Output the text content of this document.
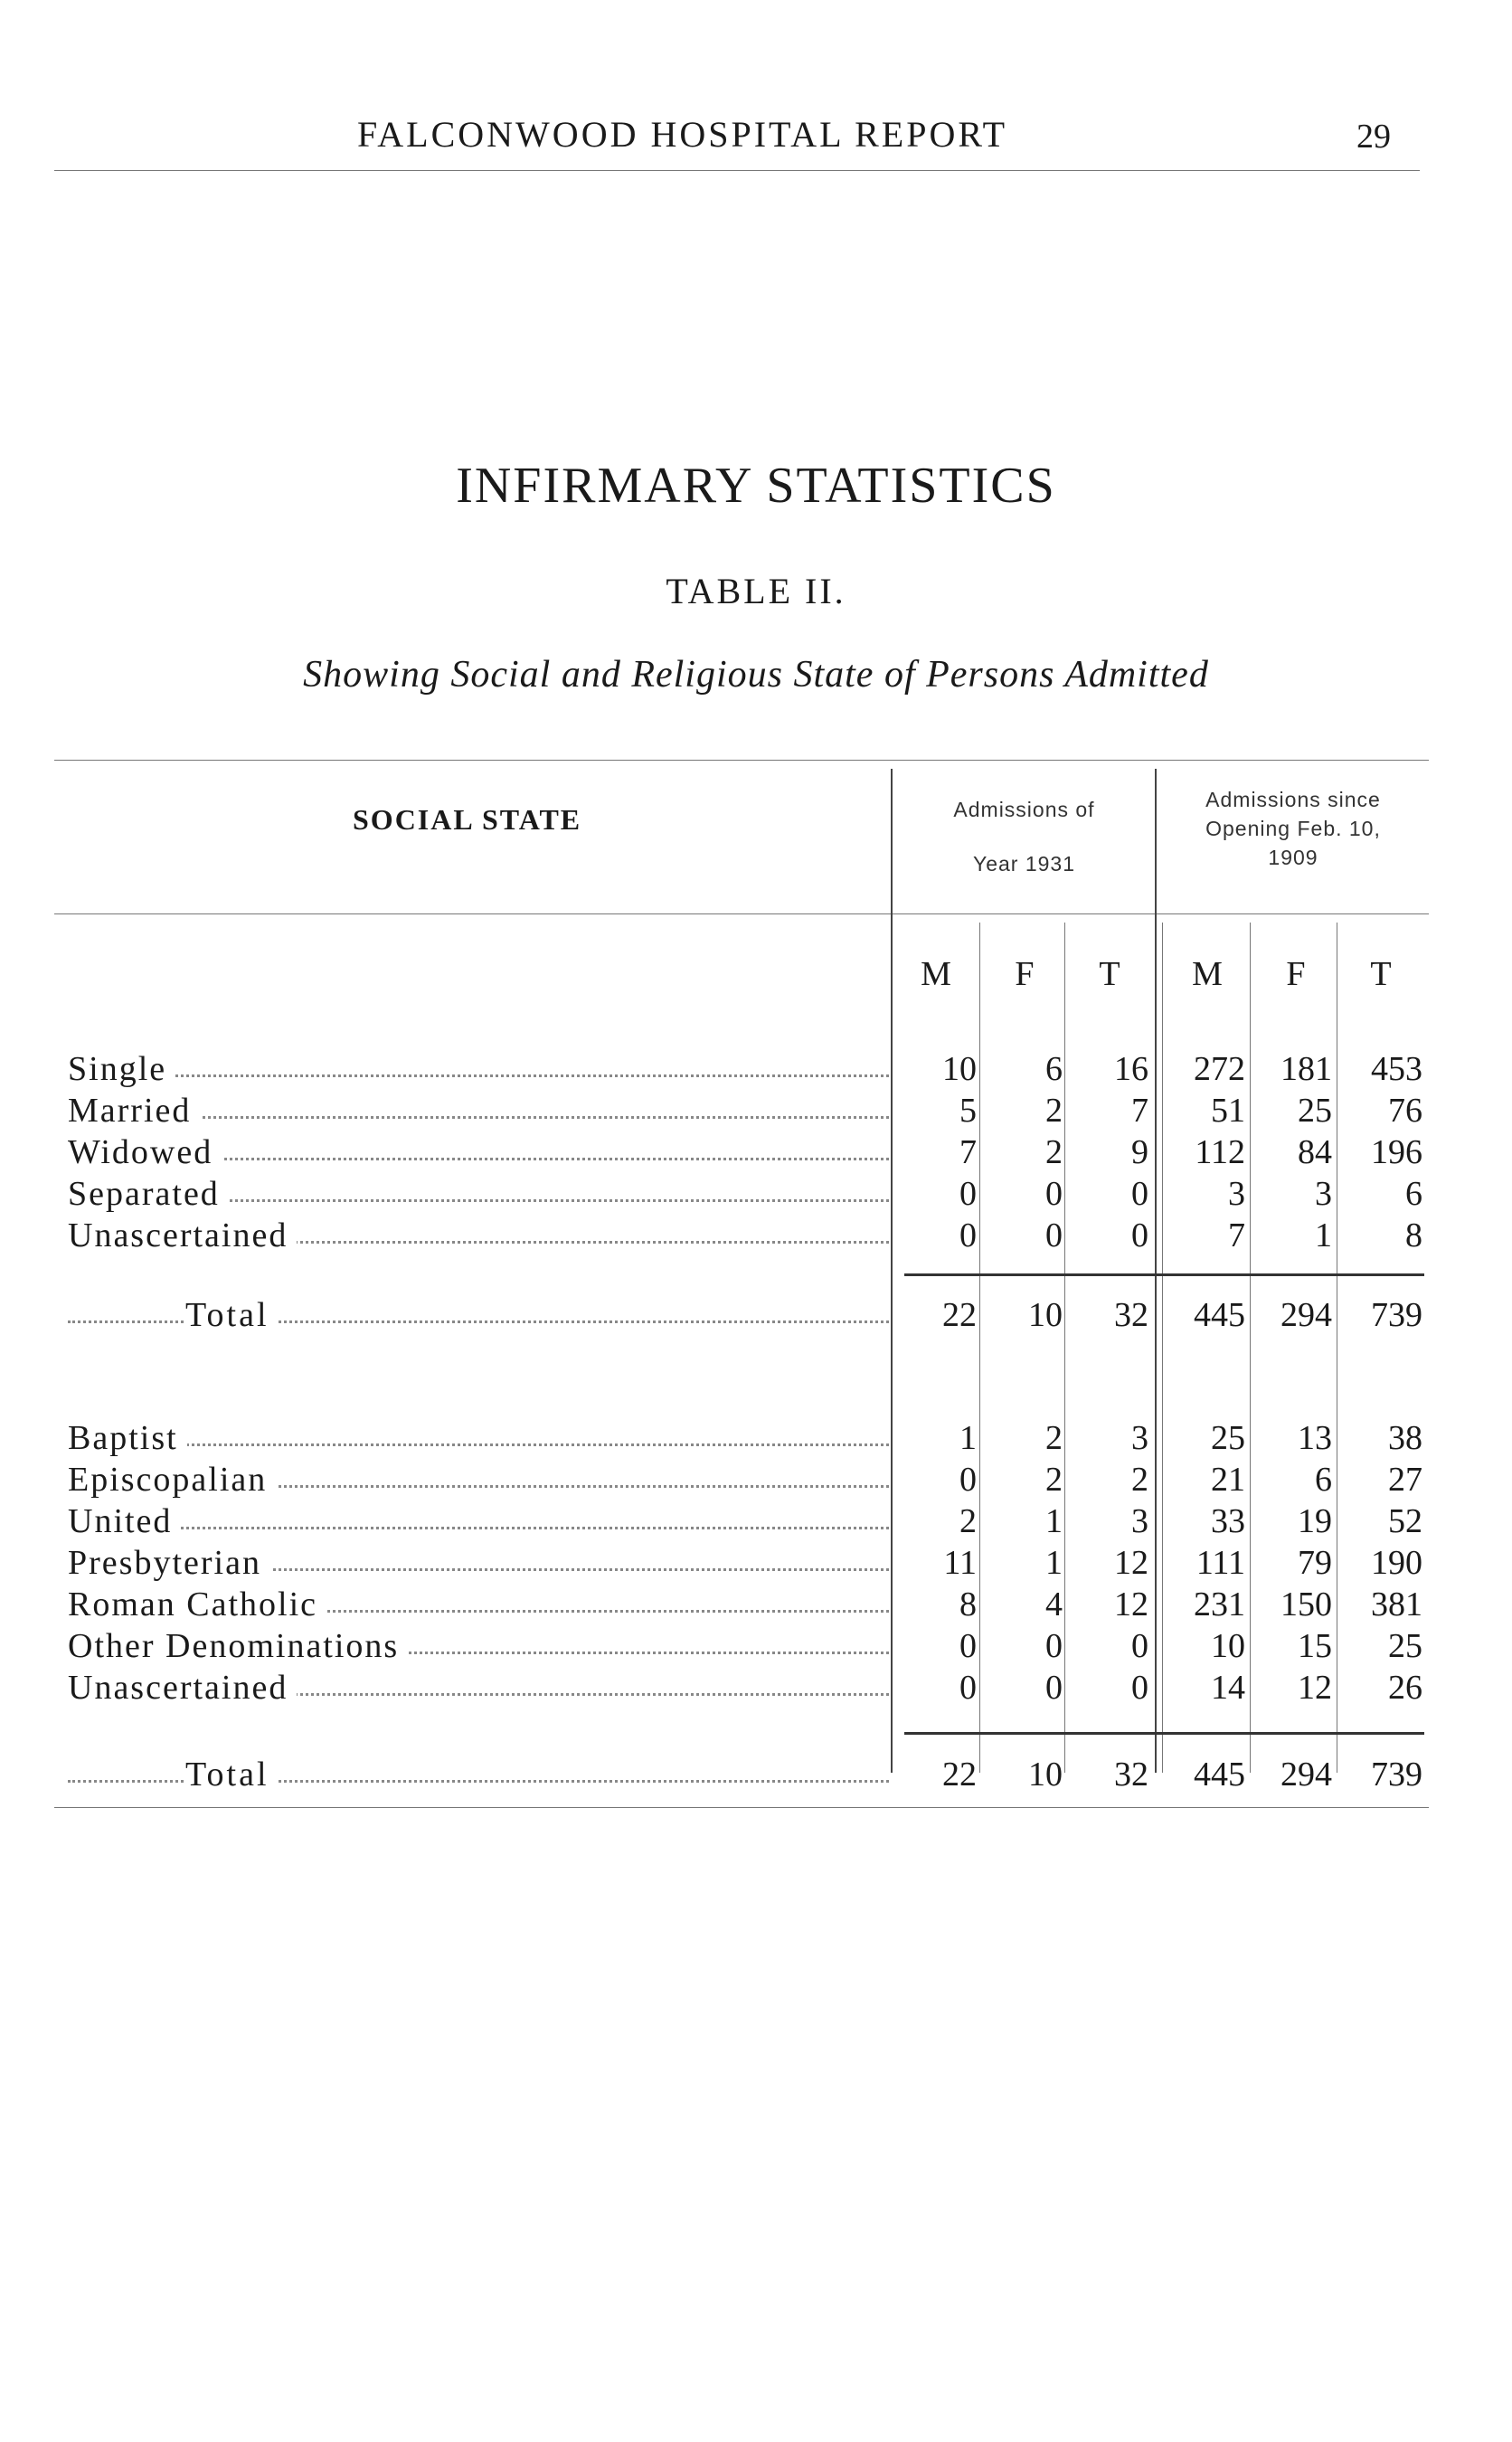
FALCONWOOD HOSPITAL REPORT	29
INFIRMARY STATISTICS
TABLE II.
Showing Social and Religious State of Persons Admitted
SOCIAL STATE	Admissions of
Year 1931
Admissions since
Opening Feb. 10,
1909
M	F	T	M	F	T
Single	10	6	16	272	181	453
Married	5	2	7	51	25	76
Widowed	7	2	9	112	84	196
Separated	0	0	0	3	3	6
Unascertained	0	0	0	7	1	8
Total	22	10	32	445	294	739
Baptist	1	2	3	25	13	38
Episcopalian	0	2	2	21	6	27
United	2	1	3	33	19	52
Presbyterian	11	1	12	111	79	190
Roman Catholic	8	4	12	231	150	381
Other Denominations	0	0	0	10	15	25
Unascertained	0	0	0	14	12	26
Total	22	10	32	445	294	739
